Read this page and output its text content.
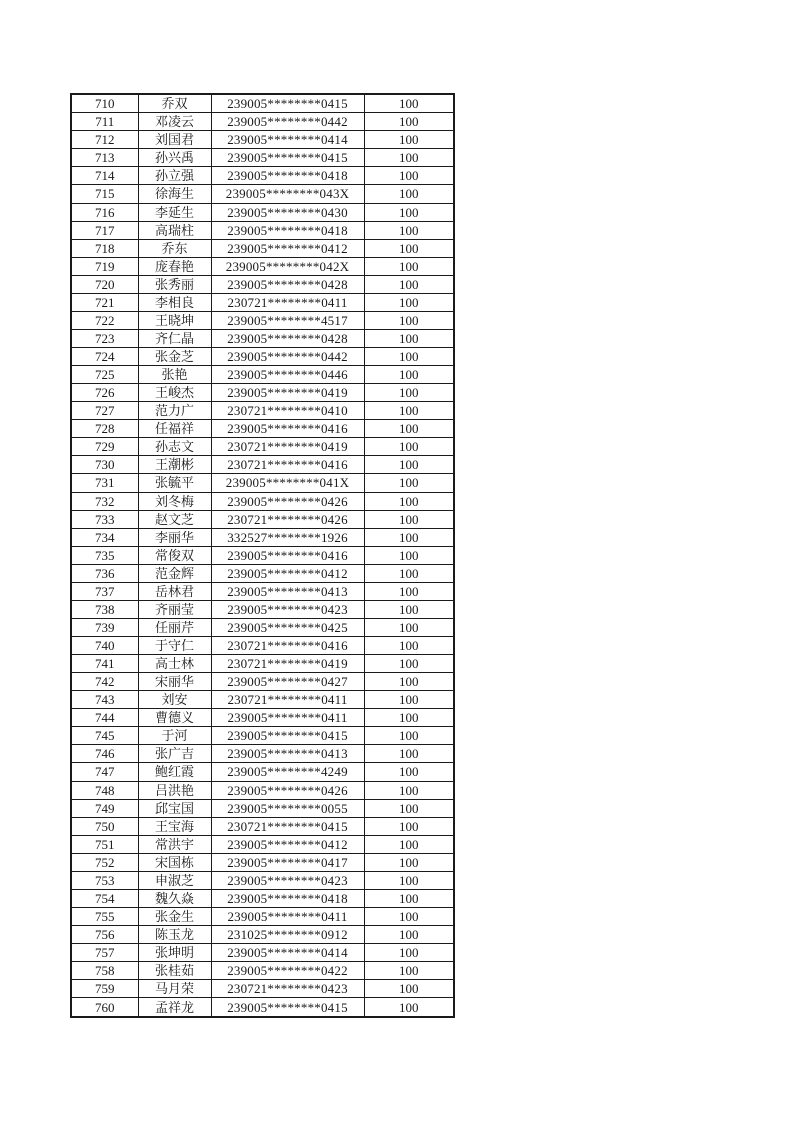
710	乔双	239005********0415	100
711	邓凌云	239005********0442	100
712	刘国君	239005********0414	100
713	孙兴禹	239005********0415	100
714	孙立强	239005********0418	100
715	徐海生	239005********043X	100
716	李延生	239005********0430	100
717	高瑞柱	239005********0418	100
718	乔东	239005********0412	100
719	庞春艳	239005********042X	100
720	张秀丽	239005********0428	100
721	李相良	230721********0411	100
722	王晓坤	239005********4517	100
723	齐仁晶	239005********0428	100
724	张金芝	239005********0442	100
725	张艳	239005********0446	100
726	王峻杰	239005********0419	100
727	范力广	230721********0410	100
728	任福祥	239005********0416	100
729	孙志文	230721********0419	100
730	王潮彬	230721********0416	100
731	张毓平	239005********041X	100
732	刘冬梅	239005********0426	100
733	赵文芝	230721********0426	100
734	李丽华	332527********1926	100
735	常俊双	239005********0416	100
736	范金辉	239005********0412	100
737	岳林君	239005********0413	100
738	齐丽莹	239005********0423	100
739	任丽芹	239005********0425	100
740	于守仁	230721********0416	100
741	高士林	230721********0419	100
742	宋丽华	239005********0427	100
743	刘安	230721********0411	100
744	曹德义	239005********0411	100
745	于河	239005********0415	100
746	张广吉	239005********0413	100
747	鲍红霞	239005********4249	100
748	吕洪艳	239005********0426	100
749	邱宝国	239005********0055	100
750	王宝海	230721********0415	100
751	常洪宇	239005********0412	100
752	宋国栋	239005********0417	100
753	申淑芝	239005********0423	100
754	魏久焱	239005********0418	100
755	张金生	239005********0411	100
756	陈玉龙	231025********0912	100
757	张坤明	239005********0414	100
758	张桂茹	239005********0422	100
759	马月荣	230721********0423	100
760	孟祥龙	239005********0415	100
